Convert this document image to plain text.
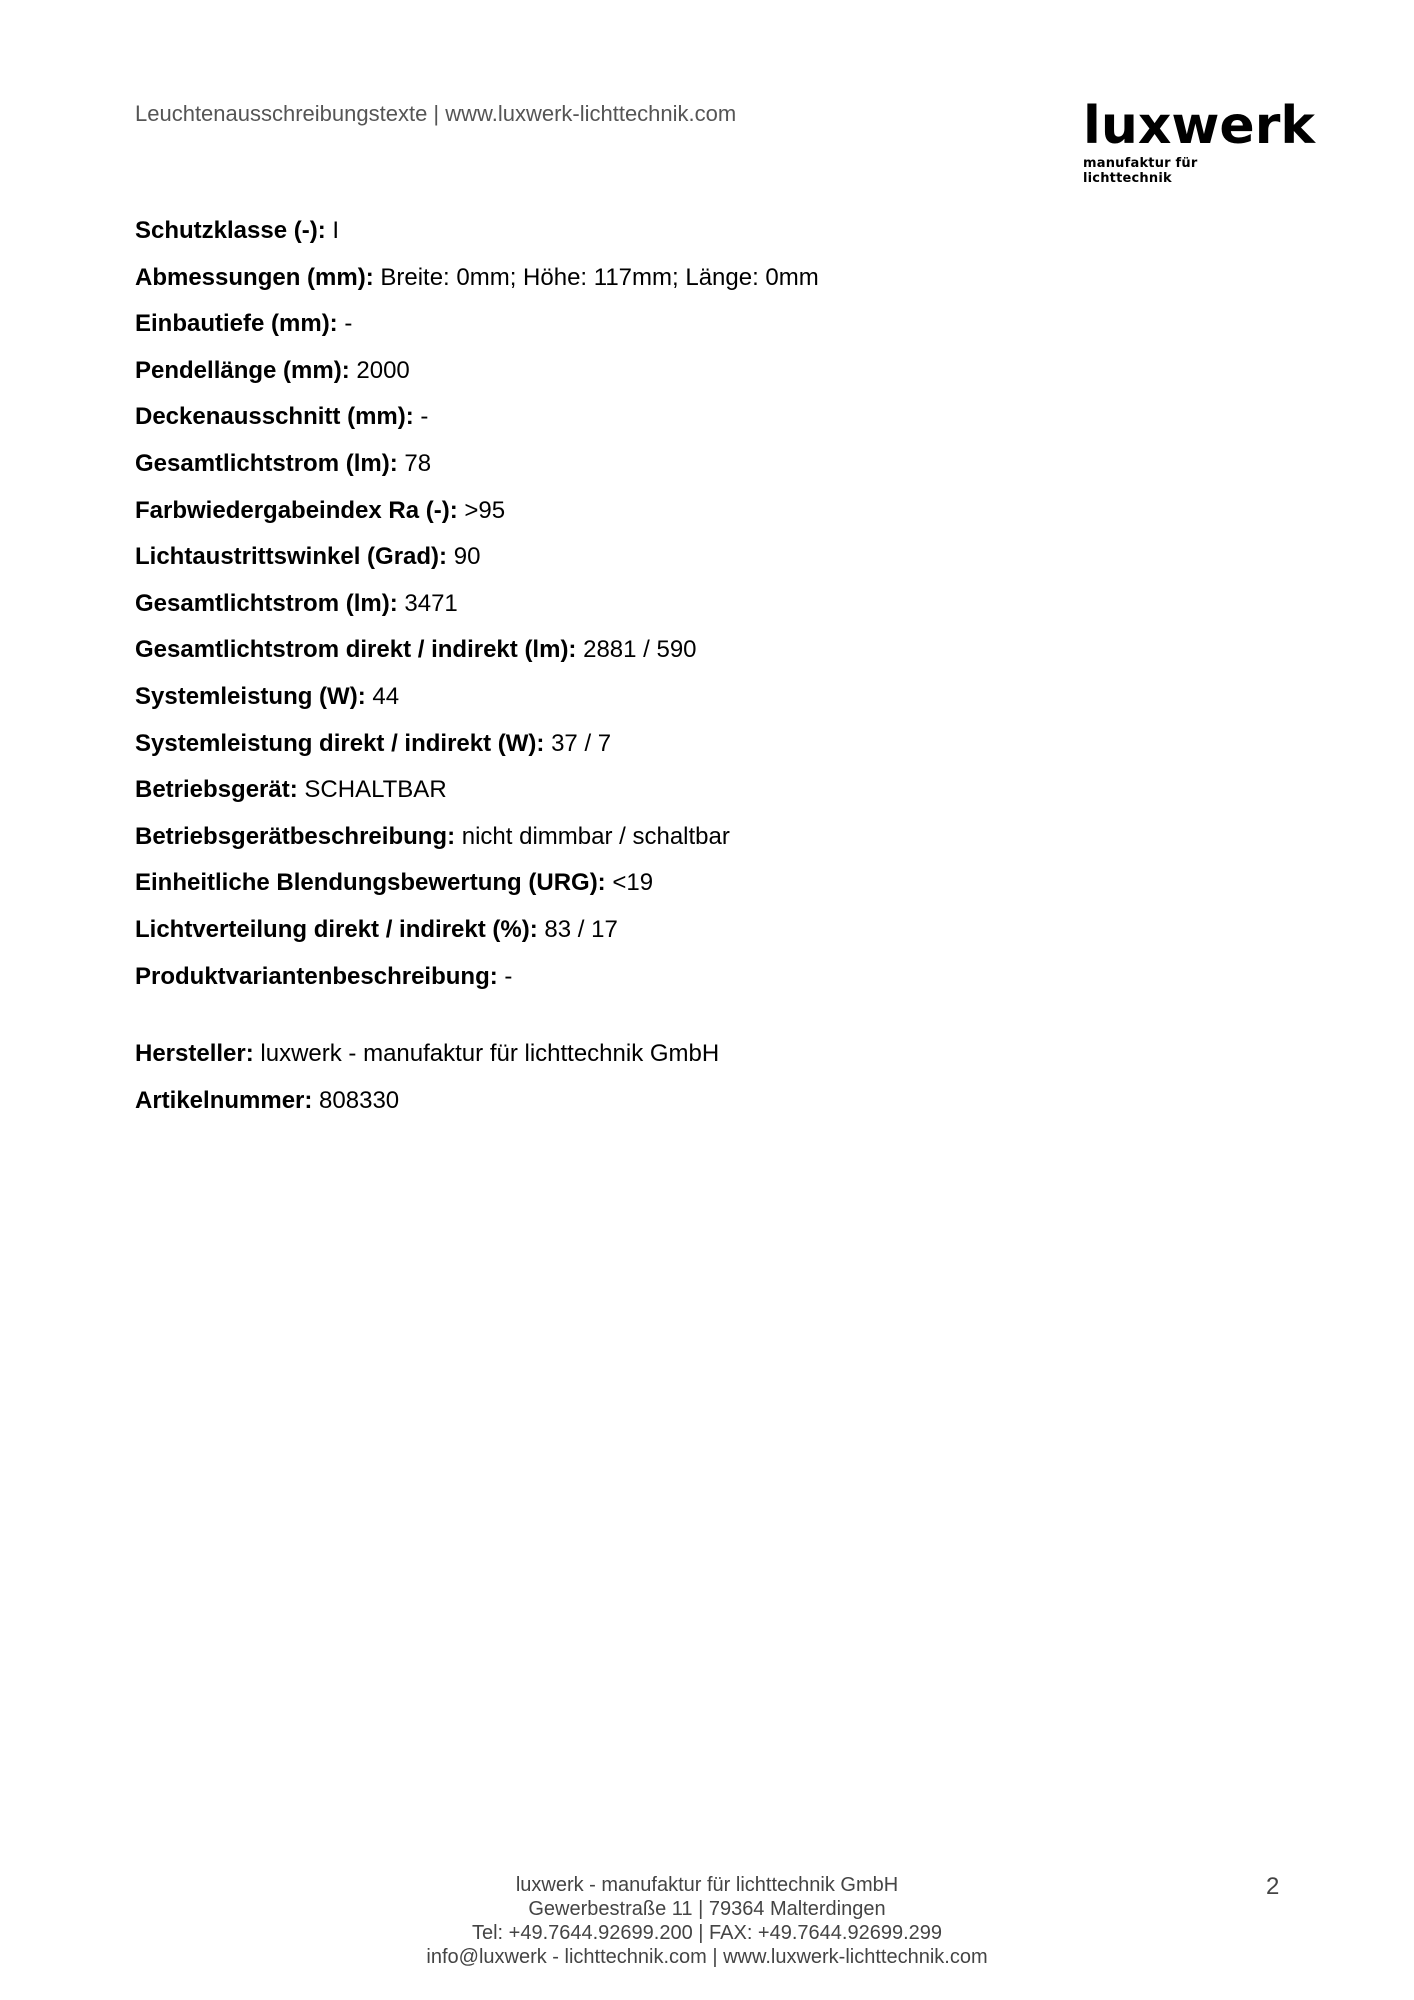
Leuchtenausschreibungstexte | www.luxwerk-lichttechnik.com	luxwerk
manufaktur für lichttechnik
Schutzklasse (-): I
Abmessungen (mm): Breite: 0mm; Höhe: 117mm; Länge: 0mm
Einbautiefe (mm): -
Pendellänge (mm): 2000
Deckenausschnitt (mm): -
Gesamtlichtstrom (lm): 78
Farbwiedergabeindex Ra (-): >95
Lichtaustrittswinkel (Grad): 90
Gesamtlichtstrom (lm): 3471
Gesamtlichtstrom direkt / indirekt (lm): 2881 / 590
Systemleistung (W): 44
Systemleistung direkt / indirekt (W): 37 / 7
Betriebsgerät: SCHALTBAR
Betriebsgerätbeschreibung: nicht dimmbar / schaltbar
Einheitliche Blendungsbewertung (URG): <19
Lichtverteilung direkt / indirekt (%): 83 / 17
Produktvariantenbeschreibung: -
Hersteller: luxwerk - manufaktur für lichttechnik GmbH
Artikelnummer: 808330
luxwerk - manufaktur für lichttechnik GmbH
Gewerbestraße 11 | 79364 Malterdingen
Tel: +49.7644.92699.200 | FAX: +49.7644.92699.299
info@luxwerk - lichttechnik.com | www.luxwerk-lichttechnik.com
2
